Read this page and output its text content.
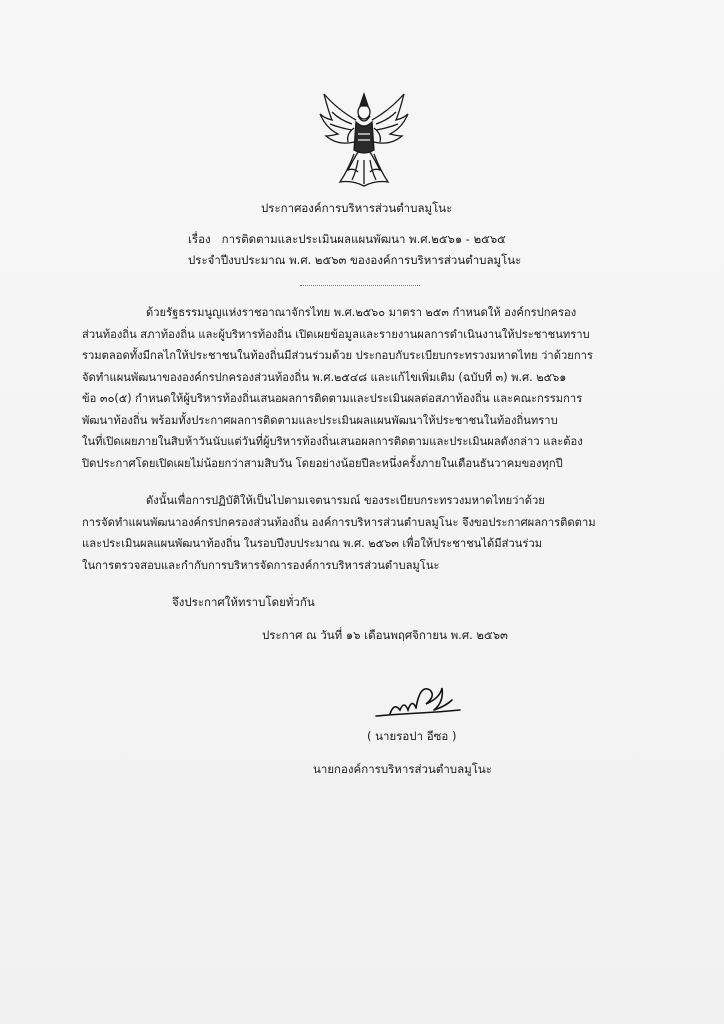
ประกาศองค์การบริหารส่วนตำบลมูโนะ
เรื่อง การติดตามและประเมินผลแผนพัฒนา พ.ศ.๒๕๖๑ - ๒๕๖๕
ประจำปีงบประมาณ พ.ศ. ๒๕๖๓ ขององค์การบริหารส่วนตำบลมูโนะ
ด้วยรัฐธรรมนูญแห่งราชอาณาจักรไทย พ.ศ.๒๕๖๐ มาตรา ๒๕๓ กำหนดให้ องค์กรปกครอง
ส่วนท้องถิ่น สภาท้องถิ่น และผู้บริหารท้องถิ่น เปิดเผยข้อมูลและรายงานผลการดำเนินงานให้ประชาชนทราบ
รวมตลอดทั้งมีกลไกให้ประชาชนในท้องถิ่นมีส่วนร่วมด้วย ประกอบกับระเบียบกระทรวงมหาดไทย ว่าด้วยการ
จัดทำแผนพัฒนาขององค์กรปกครองส่วนท้องถิ่น พ.ศ.๒๕๔๘ และแก้ไขเพิ่มเติม (ฉบับที่ ๓) พ.ศ. ๒๕๖๑
ข้อ ๓๐(๕) กำหนดให้ผู้บริหารท้องถิ่นเสนอผลการติดตามและประเมินผลต่อสภาท้องถิ่น และคณะกรรมการ
พัฒนาท้องถิ่น พร้อมทั้งประกาศผลการติดตามและประเมินผลแผนพัฒนาให้ประชาชนในท้องถิ่นทราบ
ในที่เปิดเผยภายในสิบห้าวันนับแต่วันที่ผู้บริหารท้องถิ่นเสนอผลการติดตามและประเมินผลดังกล่าว และต้อง
ปิดประกาศโดยเปิดเผยไม่น้อยกว่าสามสิบวัน โดยอย่างน้อยปีละหนึ่งครั้งภายในเดือนธันวาคมของทุกปี
ดังนั้นเพื่อการปฏิบัติให้เป็นไปตามเจตนารมณ์ ของระเบียบกระทรวงมหาดไทยว่าด้วย
การจัดทำแผนพัฒนาองค์กรปกครองส่วนท้องถิ่น องค์การบริหารส่วนตำบลมูโนะ จึงขอประกาศผลการติดตาม
และประเมินผลแผนพัฒนาท้องถิ่น ในรอบปีงบประมาณ พ.ศ. ๒๕๖๓ เพื่อให้ประชาชนได้มีส่วนร่วม
ในการตรวจสอบและกำกับการบริหารจัดการองค์การบริหารส่วนตำบลมูโนะ
จึงประกาศให้ทราบโดยทั่วกัน
ประกาศ ณ วันที่ ๑๖ เดือนพฤศจิกายน พ.ศ. ๒๕๖๓
( นายรอปา อีซอ )
นายกองค์การบริหารส่วนตำบลมูโนะ
